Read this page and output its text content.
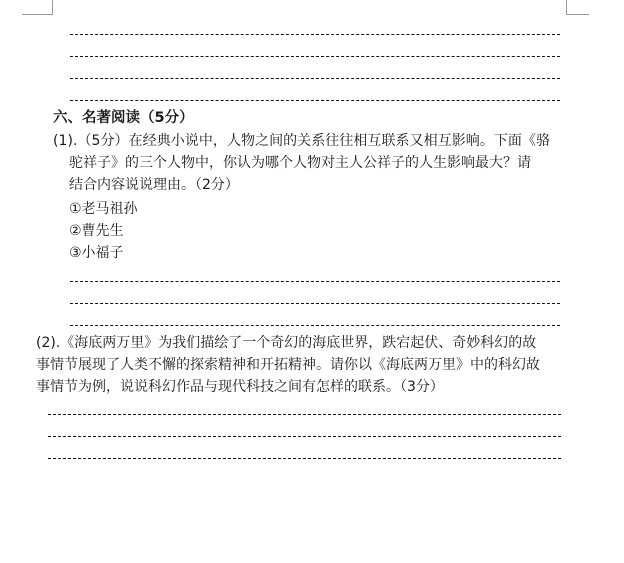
六、名著阅读（5分）
(1).（5分）在经典小说中，人物之间的关系往往相互联系又相互影响。下面《骆
驼祥子》的三个人物中，你认为哪个人物对主人公祥子的人生影响最大？请
结合内容说说理由。（2分）
①老马祖孙
②曹先生
③小福子
(2).《海底两万里》为我们描绘了一个奇幻的海底世界，跌宕起伏、奇妙科幻的故
事情节展现了人类不懈的探索精神和开拓精神。请你以《海底两万里》中的科幻故
事情节为例，说说科幻作品与现代科技之间有怎样的联系。（3分）
